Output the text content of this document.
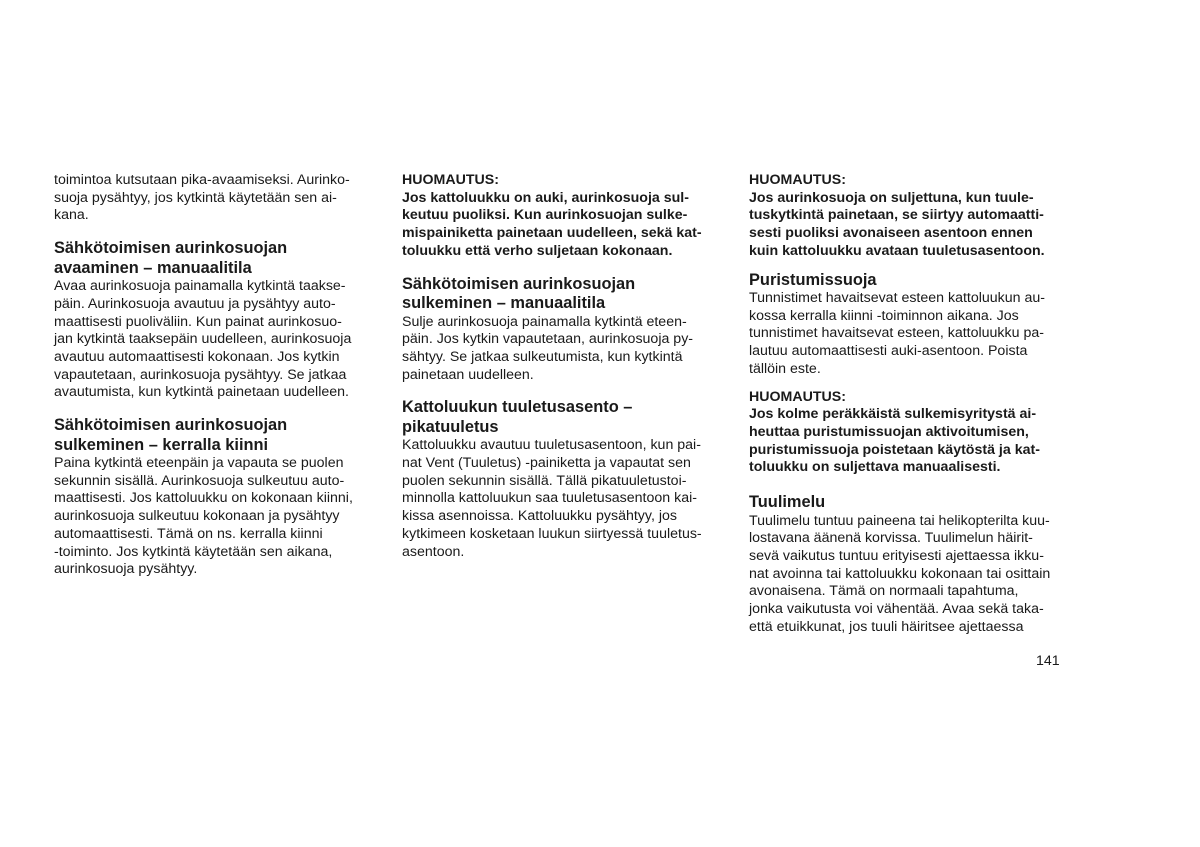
toimintoa kutsutaan pika-avaamiseksi. Aurinko-
suoja pysähtyy, jos kytkintä käytetään sen ai-
kana.
Sähkötoimisen aurinkosuojan
avaaminen – manuaalitila
Avaa aurinkosuoja painamalla kytkintä taakse-
päin. Aurinkosuoja avautuu ja pysähtyy auto-
maattisesti puoliväliin. Kun painat aurinkosuo-
jan kytkintä taaksepäin uudelleen, aurinkosuoja
avautuu automaattisesti kokonaan. Jos kytkin
vapautetaan, aurinkosuoja pysähtyy. Se jatkaa
avautumista, kun kytkintä painetaan uudelleen.
Sähkötoimisen aurinkosuojan
sulkeminen – kerralla kiinni
Paina kytkintä eteenpäin ja vapauta se puolen
sekunnin sisällä. Aurinkosuoja sulkeutuu auto-
maattisesti. Jos kattoluukku on kokonaan kiinni,
aurinkosuoja sulkeutuu kokonaan ja pysähtyy
automaattisesti. Tämä on ns. kerralla kiinni
-toiminto. Jos kytkintä käytetään sen aikana,
aurinkosuoja pysähtyy.
HUOMAUTUS:
Jos kattoluukku on auki, aurinkosuoja sul-
keutuu puoliksi. Kun aurinkosuojan sulke-
mispainiketta painetaan uudelleen, sekä kat-
toluukku että verho suljetaan kokonaan.
Sähkötoimisen aurinkosuojan
sulkeminen – manuaalitila
Sulje aurinkosuoja painamalla kytkintä eteen-
päin. Jos kytkin vapautetaan, aurinkosuoja py-
sähtyy. Se jatkaa sulkeutumista, kun kytkintä
painetaan uudelleen.
Kattoluukun tuuletusasento –
pikatuuletus
Kattoluukku avautuu tuuletusasentoon, kun pai-
nat Vent (Tuuletus) -painiketta ja vapautat sen
puolen sekunnin sisällä. Tällä pikatuuletustoi-
minnolla kattoluukun saa tuuletusasentoon kai-
kissa asennoissa. Kattoluukku pysähtyy, jos
kytkimeen kosketaan luukun siirtyessä tuuletus-
asentoon.
HUOMAUTUS:
Jos aurinkosuoja on suljettuna, kun tuule-
tuskytkintä painetaan, se siirtyy automaatti-
sesti puoliksi avonaiseen asentoon ennen
kuin kattoluukku avataan tuuletusasentoon.
Puristumissuoja
Tunnistimet havaitsevat esteen kattoluukun au-
kossa kerralla kiinni -toiminnon aikana. Jos
tunnistimet havaitsevat esteen, kattoluukku pa-
lautuu automaattisesti auki-asentoon. Poista
tällöin este.
HUOMAUTUS:
Jos kolme peräkkäistä sulkemisyritystä ai-
heuttaa puristumissuojan aktivoitumisen,
puristumissuoja poistetaan käytöstä ja kat-
toluukku on suljettava manuaalisesti.
Tuulimelu
Tuulimelu tuntuu paineena tai helikopterilta kuu-
lostavana äänenä korvissa. Tuulimelun häirit-
sevä vaikutus tuntuu erityisesti ajettaessa ikku-
nat avoinna tai kattoluukku kokonaan tai osittain
avonaisena. Tämä on normaali tapahtuma,
jonka vaikutusta voi vähentää. Avaa sekä taka-
että etuikkunat, jos tuuli häiritsee ajettaessa
141
